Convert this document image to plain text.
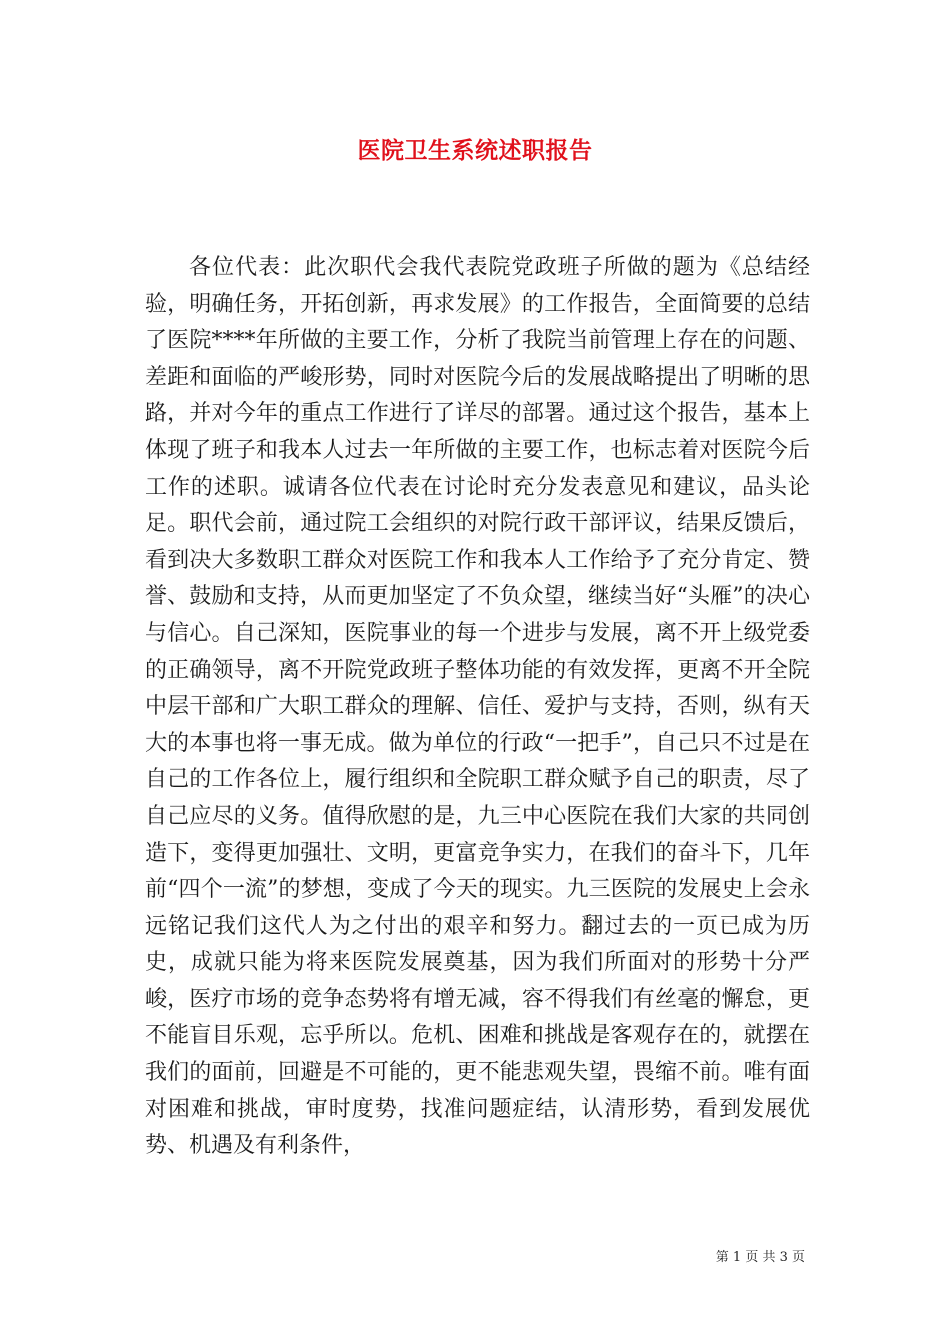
医院卫生系统述职报告

各位代表：此次职代会我代表院党政班子所做的题为《总结经验，明确任务，开拓创新，再求发展》的工作报告，全面简要的总结了医院****年所做的主要工作，分析了我院当前管理上存在的问题、差距和面临的严峻形势，同时对医院今后的发展战略提出了明晰的思路，并对今年的重点工作进行了详尽的部署。通过这个报告，基本上体现了班子和我本人过去一年所做的主要工作，也标志着对医院今后工作的述职。诚请各位代表在讨论时充分发表意见和建议，品头论足。职代会前，通过院工会组织的对院行政干部评议，结果反馈后，看到决大多数职工群众对医院工作和我本人工作给予了充分肯定、赞誉、鼓励和支持，从而更加坚定了不负众望，继续当好“头雁”的决心与信心。自己深知，医院事业的每一个进步与发展，离不开上级党委的正确领导，离不开院党政班子整体功能的有效发挥，更离不开全院中层干部和广大职工群众的理解、信任、爱护与支持，否则，纵有天大的本事也将一事无成。做为单位的行政“一把手”，自己只不过是在自己的工作各位上，履行组织和全院职工群众赋予自己的职责，尽了自己应尽的义务。值得欣慰的是，九三中心医院在我们大家的共同创造下，变得更加强壮、文明，更富竞争实力，在我们的奋斗下，几年前“四个一流”的梦想，变成了今天的现实。九三医院的发展史上会永远铭记我们这代人为之付出的艰辛和努力。翻过去的一页已成为历史，成就只能为将来医院发展奠基，因为我们所面对的形势十分严峻，医疗市场的竞争态势将有增无减，容不得我们有丝毫的懈怠，更不能盲目乐观，忘乎所以。危机、困难和挑战是客观存在的，就摆在我们的面前，回避是不可能的，更不能悲观失望，畏缩不前。唯有面对困难和挑战，审时度势，找准问题症结，认清形势，看到发展优势、机遇及有利条件，

第 1 页 共 3 页
